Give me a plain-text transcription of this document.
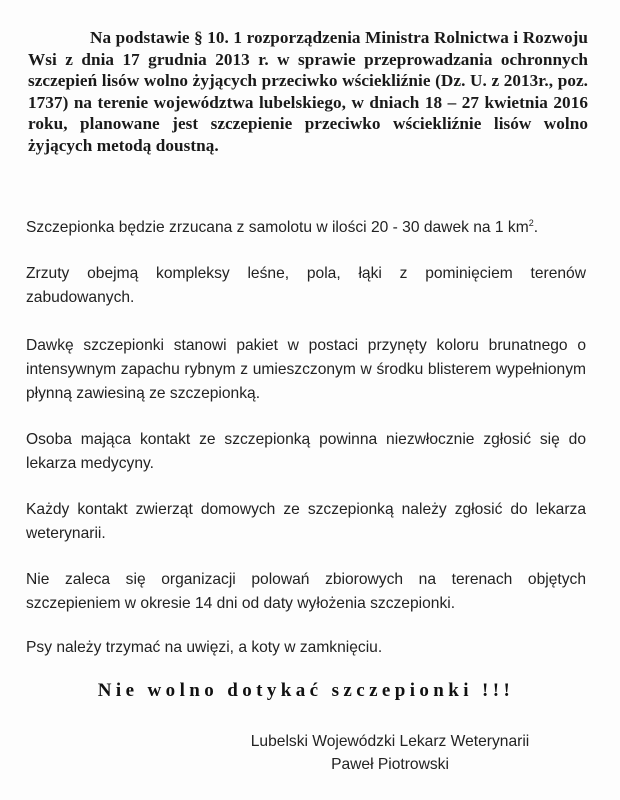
Na podstawie § 10. 1 rozporządzenia Ministra Rolnictwa i Rozwoju Wsi z dnia 17 grudnia 2013 r. w sprawie przeprowadzania ochronnych szczepień lisów wolno żyjących przeciwko wściekliźnie (Dz. U. z 2013r., poz. 1737) na terenie województwa lubelskiego, w dniach 18 – 27 kwietnia 2016 roku, planowane jest szczepienie przeciwko wściekliźnie lisów wolno żyjących metodą doustną.

Szczepionka będzie zrzucana z samolotu w ilości 20 - 30 dawek na 1 $km^2$.

Zrzuty obejmą kompleksy leśne, pola, łąki z pominięciem terenów zabudowanych.

Dawkę szczepionki stanowi pakiet w postaci przynęty koloru brunatnego o intensywnym zapachu rybnym z umieszczonym w środku blisterem wypełnionym płynną zawiesiną ze szczepionką.

Osoba mająca kontakt ze szczepionką powinna niezwłocznie zgłosić się do lekarza medycyny.

Każdy kontakt zwierząt domowych ze szczepionką należy zgłosić do lekarza weterynarii.

Nie zaleca się organizacji polowań zbiorowych na terenach objętych szczepieniem w okresie 14 dni od daty wyłożenia szczepionki.

Psy należy trzymać na uwięzi, a koty w zamknięciu.

Nie wolno dotykać szczepionki !!!

Lubelski Wojewódzki Lekarz Weterynarii
Paweł Piotrowski
